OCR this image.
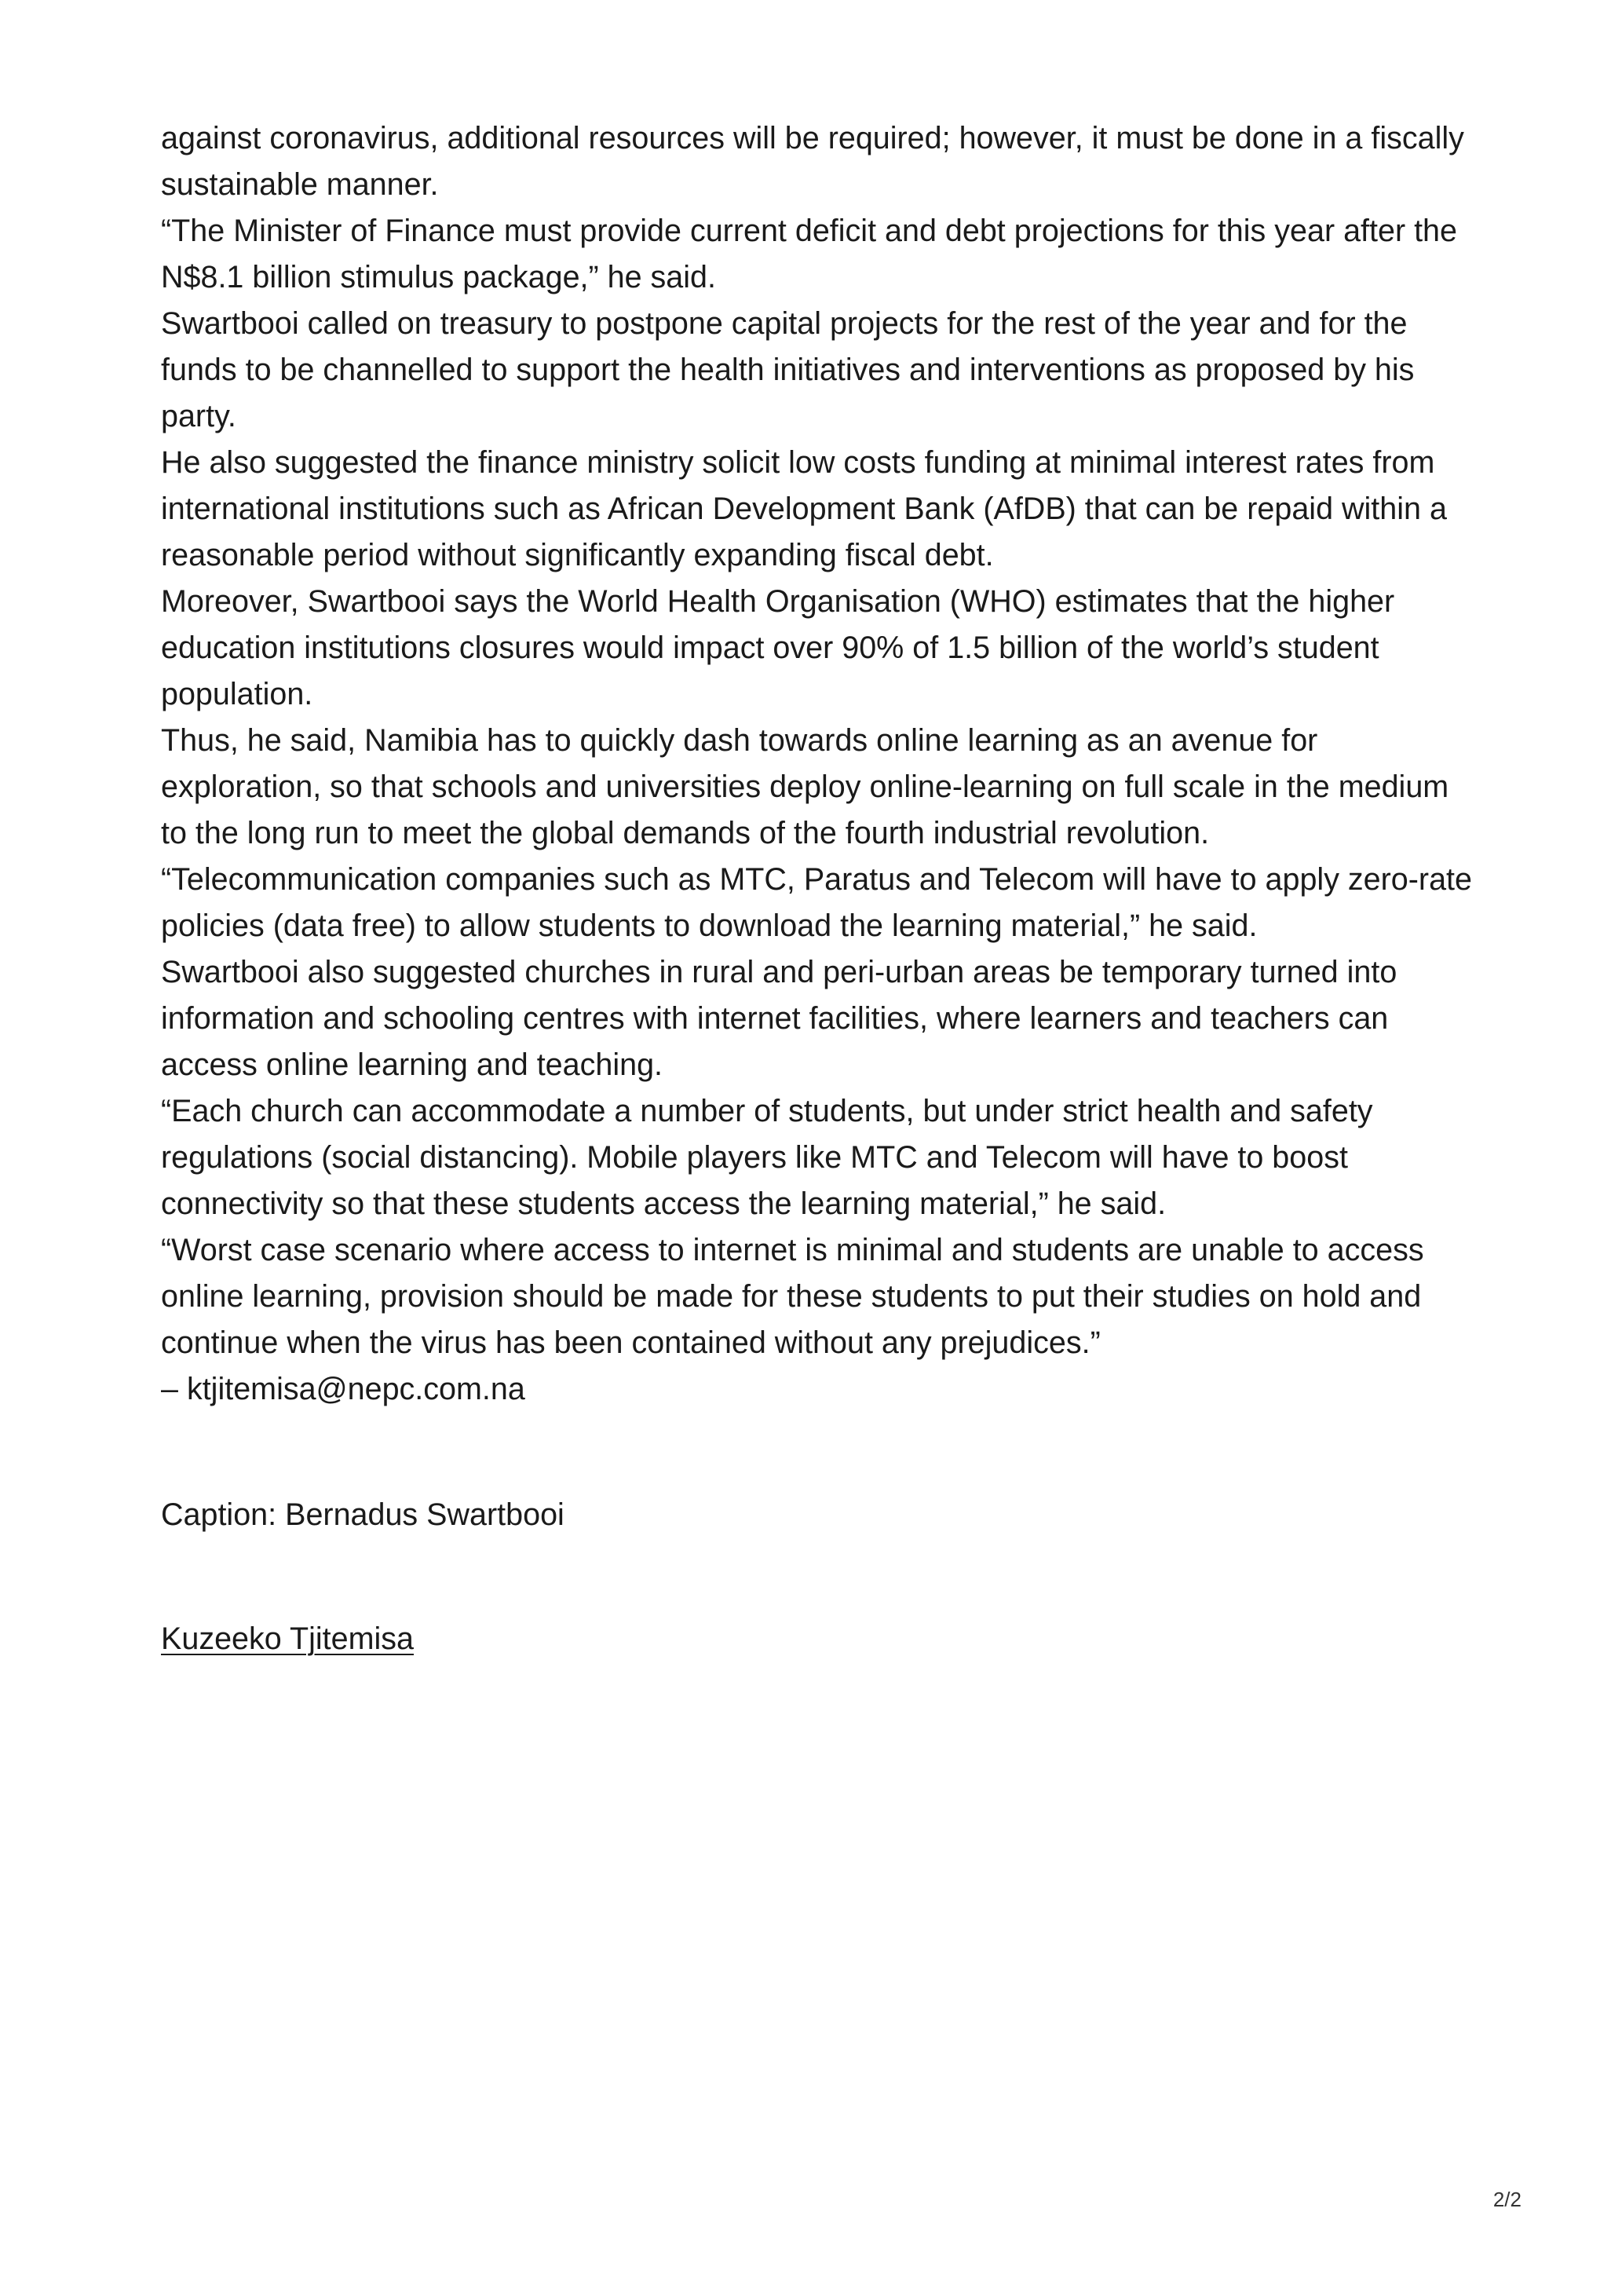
against coronavirus, additional resources will be required; however, it must be done in a fiscally sustainable manner.

“The Minister of Finance must provide current deficit and debt projections for this year after the N$8.1 billion stimulus package,” he said.

Swartbooi called on treasury to postpone capital projects for the rest of the year and for the funds to be channelled to support the health initiatives and interventions as proposed by his party.

He also suggested the finance ministry solicit low costs funding at minimal interest rates from international institutions such as African Development Bank (AfDB) that can be repaid within a reasonable period without significantly expanding fiscal debt.

Moreover, Swartbooi says the World Health Organisation (WHO) estimates that the higher education institutions closures would impact over 90% of 1.5 billion of the world’s student population.

Thus, he said, Namibia has to quickly dash towards online learning as an avenue for exploration, so that schools and universities deploy online-learning on full scale in the medium to the long run to meet the global demands of the fourth industrial revolution.

“Telecommunication companies such as MTC, Paratus and Telecom will have to apply zero-rate policies (data free) to allow students to download the learning material,” he said.

Swartbooi also suggested churches in rural and peri-urban areas be temporary turned into information and schooling centres with internet facilities, where learners and teachers can access online learning and teaching.

“Each church can accommodate a number of students, but under strict health and safety regulations (social distancing). Mobile players like MTC and Telecom will have to boost connectivity so that these students access the learning material,” he said.

“Worst case scenario where access to internet is minimal and students are unable to access online learning, provision should be made for these students to put their studies on hold and continue when the virus has been contained without any prejudices.”

– ktjitemisa@nepc.com.na

Caption: Bernadus Swartbooi

Kuzeeko Tjitemisa
2/2
